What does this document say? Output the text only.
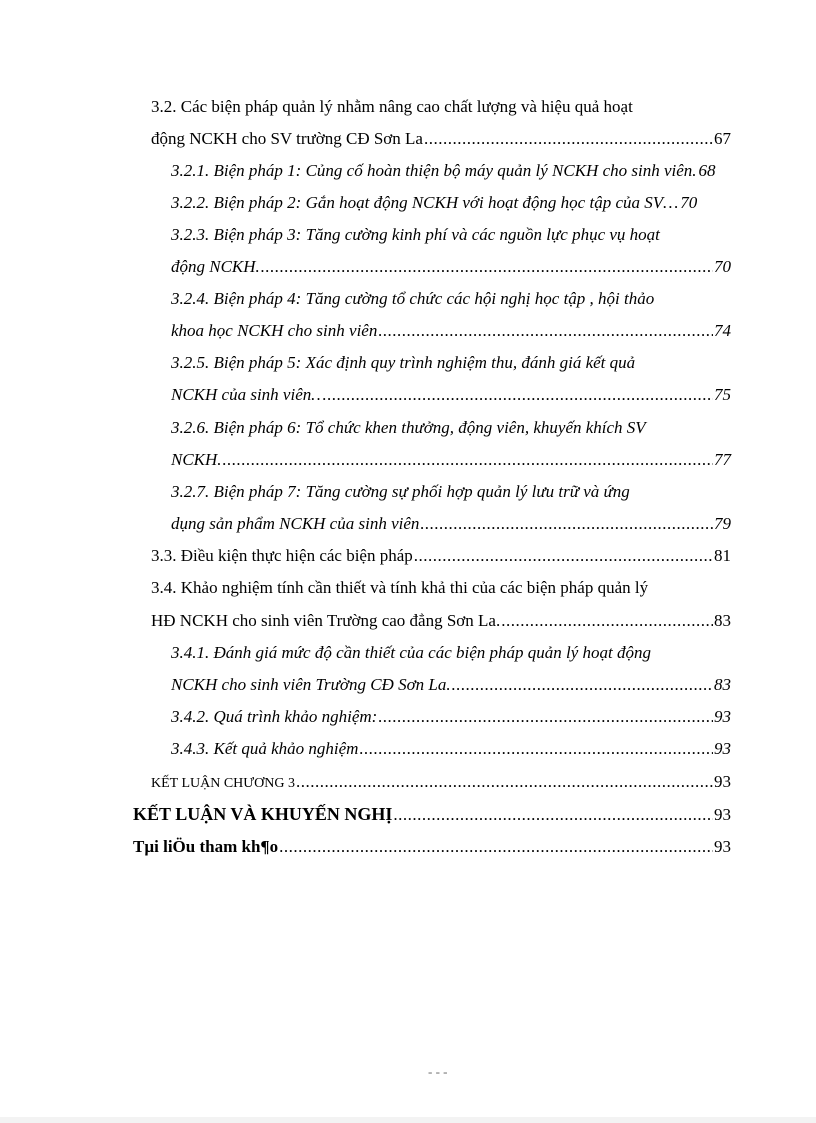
3.2. Các biện pháp quản lý nhằm nâng cao chất lượng và hiệu quả hoạt
động NCKH cho SV trường CĐ Sơn La .....	67
3.2.1. Biện pháp 1: Củng cố hoàn thiện bộ máy quản lý NCKH cho sinh viên. 68
3.2.2. Biện pháp 2: Gắn hoạt động NCKH với hoạt động học tập của SV… 70
3.2.3. Biện pháp 3: Tăng cường kinh phí và các nguồn lực phục vụ hoạt
động NCKH. .....	70
3.2.4. Biện pháp 4: Tăng cường tổ chức các hội nghị học tập , hội thảo
khoa học NCKH cho sinh viên .....	74
3.2.5. Biện pháp 5: Xác định quy trình nghiệm thu, đánh giá kết quả
NCKH của sinh viên… .....	75
3.2.6. Biện pháp 6: Tổ chức khen thưởng, động viên, khuyến khích SV
NCKH. .....	77
3.2.7. Biện pháp 7: Tăng cường sự phối hợp quản lý lưu trữ và ứng
dụng sản phẩm NCKH của sinh viên .....	79
3.3. Điều kiện thực hiện các biện pháp .....	81
3.4. Khảo nghiệm tính cần thiết và tính khả thi của các biện pháp quản lý
HĐ NCKH cho sinh viên Trường cao đẳng Sơn La. .....	83
3.4.1. Đánh giá mức độ cần thiết của các biện pháp quản lý hoạt động
NCKH cho sinh viên Trường CĐ Sơn La. .....	83
3.4.2. Quá trình khảo nghiệm: .....	93
3.4.3. Kết quả khảo nghiệm .....	93
KẾT LUẬN CHƯƠNG 3 .....	93
KẾT LUẬN VÀ KHUYẾN NGHỊ .....	93
Tµi liÖu tham kh¶o .....	93
- - -
